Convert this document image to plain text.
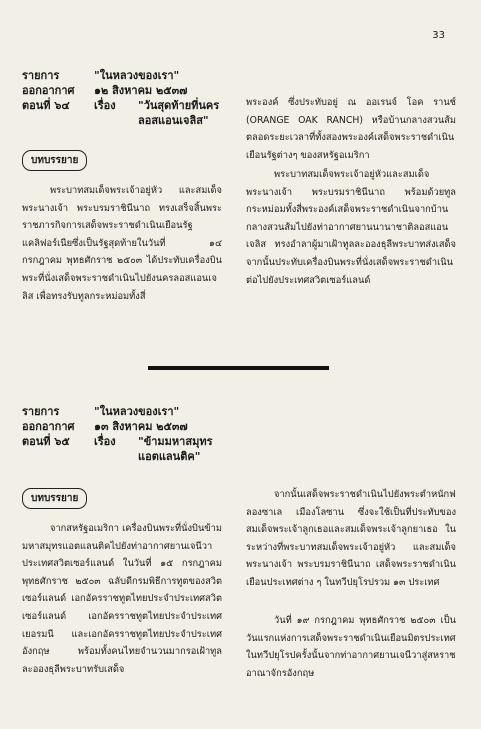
33
รายการ	"ในหลวงของเรา"
ออกอากาศ	๑๒ สิงหาคม ๒๕๓๗
ตอนที่ ๖๔	เรื่อง	"วันสุดท้ายที่นคร
ลอสแอนเจลิส"
บทบรรยาย

พระบาทสมเด็จพระเจ้าอยู่หัว และสมเด็จพระนางเจ้า พระบรมราชินีนาถ ทรงเสร็จสิ้นพระราชภารกิจการเสด็จพระราชดำเนินเยือนรัฐแคลิฟอร์เนียซึ่งเป็นรัฐสุดท้ายในวันที่ ๑๔ กรกฎาคม พุทธศักราช ๒๕๐๓ ได้ประทับเครื่องบินพระที่นั่งเสด็จพระราชดำเนินไปยังนครลอสแอนเจลิส เพื่อทรงรับทูลกระหม่อมทั้งสี่

พระองค์ ซึ่งประทับอยู่ ณ ออเรนจ์ โอค รานช์ (ORANGE OAK RANCH) หรือบ้านกลางสวนส้ม ตลอดระยะเวลาที่ทั้งสองพระองค์เสด็จพระราชดำเนินเยือนรัฐต่างๆ ของสหรัฐอเมริกา

พระบาทสมเด็จพระเจ้าอยู่หัวและสมเด็จพระนางเจ้า พระบรมราชินีนาถ พร้อมด้วยทูลกระหม่อมทั้งสี่พระองค์เสด็จพระราชดำเนินจากบ้านกลางสวนส้มไปยังท่าอากาศยานนานาชาติลอสแอนเจลิส ทรงอำลาผู้มาเฝ้าทูลละอองธุลีพระบาทส่งเสด็จ จากนั้นประทับเครื่องบินพระที่นั่งเสด็จพระราชดำเนินต่อไปยังประเทศสวิตเซอร์แลนด์

รายการ	"ในหลวงของเรา"
ออกอากาศ	๑๓ สิงหาคม ๒๕๓๗
ตอนที่ ๖๕	เรื่อง	"ข้ามมหาสมุทร
แอตแลนติค"
บทบรรยาย

จากสหรัฐอเมริกา เครื่องบินพระที่นั่งบินข้ามมหาสมุทรแอตแลนติคไปยังท่าอากาศยานเจนีวา ประเทศสวิตเซอร์แลนด์ ในวันที่ ๑๕ กรกฎาคม พุทธศักราช ๒๕๐๓ ฉลับดีกรมพิธีการทูตของสวิตเซอร์แลนด์ เอกอัครราชทูตไทยประจำประเทศสวิตเซอร์แลนด์ เอกอัครราชทูตไทยประจำประเทศเยอรมนี และเอกอัครราชทูตไทยประจำประเทศอังกฤษ พร้อมทั้งคนไทยจำนวนมากรอเฝ้าทูลละอองธุลีพระบาทรับเสด็จ

จากนั้นเสด็จพระราชดำเนินไปยังพระตำหนักฟลองซาเล เมืองโลซาน ซึ่งจะใช้เป็นที่ประทับของสมเด็จพระเจ้าลูกเธอและสมเด็จพระเจ้าลูกยาเธอ ในระหว่างที่พระบาทสมเด็จพระเจ้าอยู่หัว และสมเด็จพระนางเจ้า พระบรมราชินีนาถ เสด็จพระราชดำเนินเยือนประเทศต่าง ๆ ในทวีปยุโรปรวม ๑๓ ประเทศ

วันที่ ๑๙ กรกฎาคม พุทธศักราช ๒๕๐๓ เป็นวันแรกแห่งการเสด็จพระราชดำเนินเยือนมิตรประเทศในทวีปยุโรปครั้งนั้นจากท่าอากาศยานเจนีวาสู่สหราชอาณาจักรอังกฤษ
